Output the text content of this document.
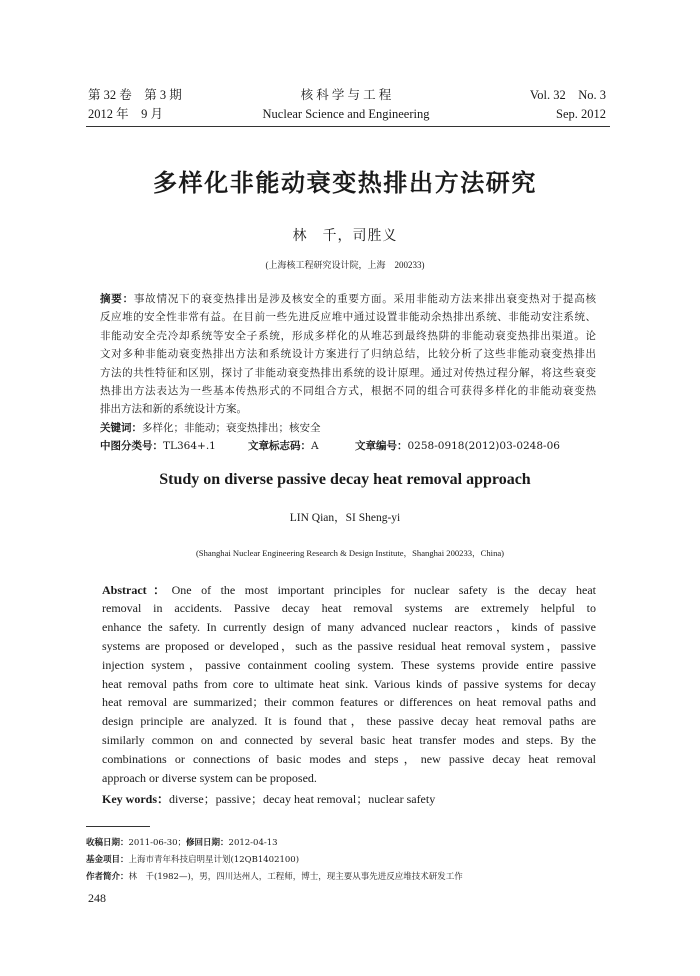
第 32 卷　第 3 期
2012 年　9 月
核 科 学 与 工 程
Nuclear Science and Engineering
Vol. 32　No. 3
Sep. 2012
多样化非能动衰变热排出方法研究
林　千，司胜义
(上海核工程研究设计院，上海　200233)
摘要：事故情况下的衰变热排出是涉及核安全的重要方面。采用非能动方法来排出衰变热对于提高核
反应堆的安全性非常有益。在目前一些先进反应堆中通过设置非能动余热排出系统、非能动安注系统、
非能动安全壳冷却系统等安全子系统，形成多样化的从堆芯到最终热阱的非能动衰变热排出渠道。论
文对多种非能动衰变热排出方法和系统设计方案进行了归纳总结，比较分析了这些非能动衰变热排出
方法的共性特征和区别，探讨了非能动衰变热排出系统的设计原理。通过对传热过程分解，将这些衰变
热排出方法表达为一些基本传热形式的不同组合方式，根据不同的组合可获得多样化的非能动衰变热
排出方法和新的系统设计方案。
关键词：多样化；非能动；衰变热排出；核安全
中图分类号：TL364+.1	文章标志码：A	文章编号：0258-0918(2012)03-0248-06
Study on diverse passive decay heat removal approach
LIN Qian，SI Sheng-yi
(Shanghai Nuclear Engineering Research & Design Institute，Shanghai 200233，China)
Abstract：One of the most important principles for nuclear safety is the decay heat
removal in accidents. Passive decay heat removal systems are extremely helpful to
enhance the safety. In currently design of many advanced nuclear reactors，kinds of passive
systems are proposed or developed，such as the passive residual heat removal system，passive
injection system，passive containment cooling system. These systems provide entire passive
heat removal paths from core to ultimate heat sink. Various kinds of passive systems for decay
heat removal are summarized；their common features or differences on heat removal paths and
design principle are analyzed. It is found that，these passive decay heat removal paths are
similarly common on and connected by several basic heat transfer modes and steps. By the
combinations or connections of basic modes and steps，new passive decay heat removal
approach or diverse system can be proposed.
Key words：diverse；passive；decay heat removal；nuclear safety
收稿日期：2011-06-30；修回日期：2012-04-13
基金项目：上海市青年科技启明星计划(12QB1402100)
作者简介：林　千(1982—)，男，四川达州人，工程师，博士，现主要从事先进反应堆技术研发工作
248
